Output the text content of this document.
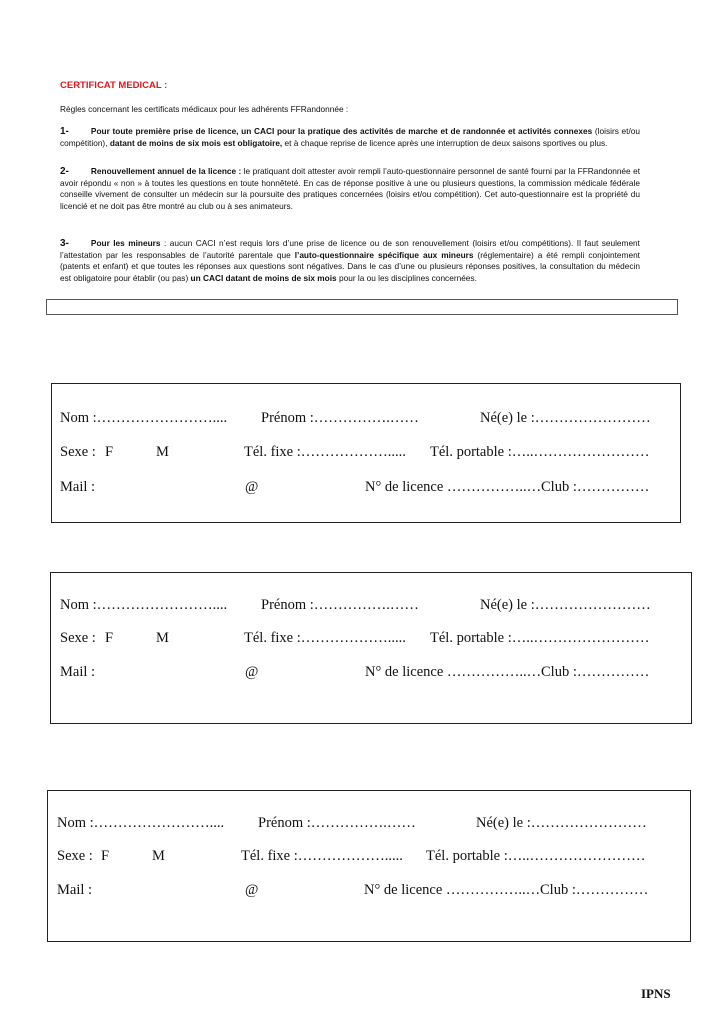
CERTIFICAT MEDICAL :
Règles concernant les certificats médicaux pour les adhérents FFRandonnée :
1-	Pour toute première prise de licence, un CACI pour la pratique des activités de marche et de randonnée et activités connexes (loisirs et/ou compétition), datant de moins de six mois est obligatoire, et à chaque reprise de licence après une interruption de deux saisons sportives ou plus.
2-	Renouvellement annuel de la licence : le pratiquant doit attester avoir rempli l’auto-questionnaire personnel de santé fourni par la FFRandonnée et avoir répondu « non » à toutes les questions en toute honnêteté. En cas de réponse positive à une ou plusieurs questions, la commission médicale fédérale conseille vivement de consulter un médecin sur la poursuite des pratiques concernées (loisirs et/ou compétition). Cet auto-questionnaire est la propriété du licencié et ne doit pas être montré au club ou à ses animateurs.
3-	Pour les mineurs : aucun CACI n’est requis lors d’une prise de licence ou de son renouvellement (loisirs et/ou compétitions). Il faut seulement l’attestation par les responsables de l’autorité parentale que l’auto-questionnaire spécifique aux mineurs (réglementaire) a été rempli conjointement (patents et enfant) et que toutes les réponses aux questions sont négatives. Dans le cas d’une ou plusieurs réponses positives, la consultation du médecin est obligatoire pour établir (ou pas) un CACI datant de moins de six mois pour la ou les disciplines concernées.
Nom :…………………….... Prénom :…………….……	Né(e) le :……………………
Sexe : F	M	Tél. fixe :………………..... Tél. portable :…..……………………
Mail :	@	N° de licence ……………..… Club :……………
Nom :…………………….... Prénom :…………….……	Né(e) le :……………………
Sexe : F	M	Tél. fixe :………………..... Tél. portable :…..……………………
Mail :	@	N° de licence ……………..… Club :……………
Nom :…………………….... Prénom :…………….……	Né(e) le :……………………
Sexe : F	M	Tél. fixe :………………..... Tél. portable :…..……………………
Mail :	@	N° de licence ……………..… Club :……………
IPNS
